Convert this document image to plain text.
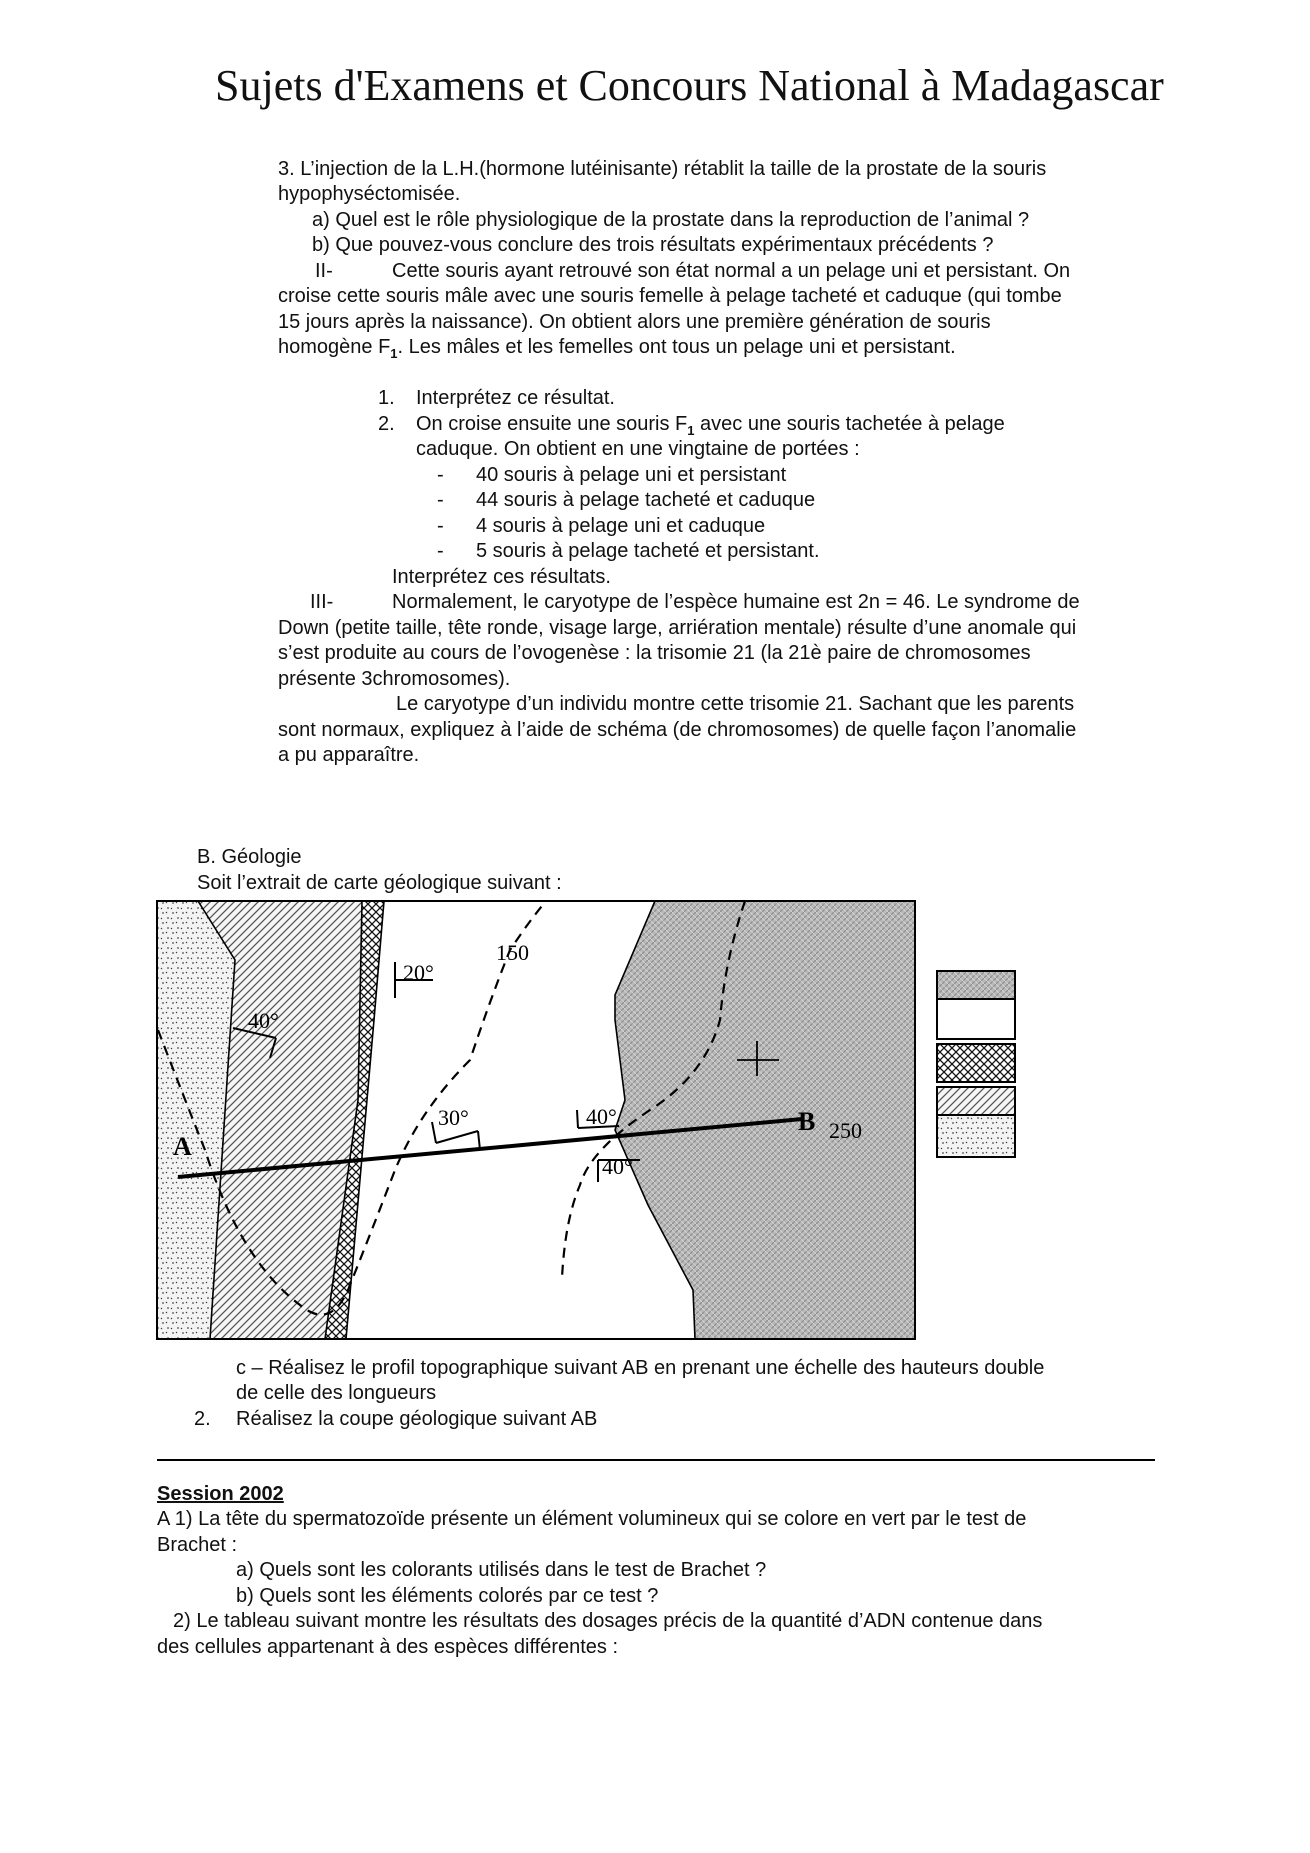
Sujets d'Examens et Concours National à Madagascar
3. L’injection de la L.H.(hormone lutéinisante) rétablit la taille de la prostate de la souris
hypophyséctomisée.
a) Quel est le rôle physiologique de la prostate dans la reproduction de l’animal ?
b) Que pouvez-vous conclure des trois résultats expérimentaux précédents ?
II-	Cette souris ayant retrouvé son état normal a un pelage uni et persistant. On
croise cette souris mâle avec une souris femelle à pelage tacheté et caduque (qui tombe
15 jours après la naissance). On obtient alors une première génération de souris
homogène $F_1$. Les mâles et les femelles ont tous un pelage uni et persistant.
1. Interprétez ce résultat.
2. On croise ensuite une souris $F_1$ avec une souris tachetée à pelage
caduque. On obtient en une vingtaine de portées :
- 40 souris à pelage uni et persistant
- 44 souris à pelage tacheté et caduque
- 4 souris à pelage uni et caduque
- 5 souris à pelage tacheté et persistant.
Interprétez ces résultats.
III-	Normalement, le caryotype de l’espèce humaine est 2n = 46. Le syndrome de
Down (petite taille, tête ronde, visage large, arriération mentale) résulte d’une anomale qui
s’est produite au cours de l’ovogenèse : la trisomie 21 (la 21è paire de chromosomes
présente 3chromosomes).
Le caryotype d’un individu montre cette trisomie 21. Sachant que les parents
sont normaux, expliquez à l’aide de schéma (de chromosomes) de quelle façon l’anomalie
a pu apparaître.
B. Géologie
Soit l’extrait de carte géologique suivant :
150
20°
40°
30°	40°
40°
250
A
B
c – Réalisez le profil topographique suivant AB en prenant une échelle des hauteurs double
de celle des longueurs
2. Réalisez la coupe géologique suivant AB
Session 2002
A 1) La tête du spermatozoïde présente un élément volumineux qui se colore en vert par le test de
Brachet :
a) Quels sont les colorants utilisés dans le test de Brachet ?
b) Quels sont les éléments colorés par ce test ?
2) Le tableau suivant montre les résultats des dosages précis de la quantité d’ADN contenue dans
des cellules appartenant à des espèces différentes :
